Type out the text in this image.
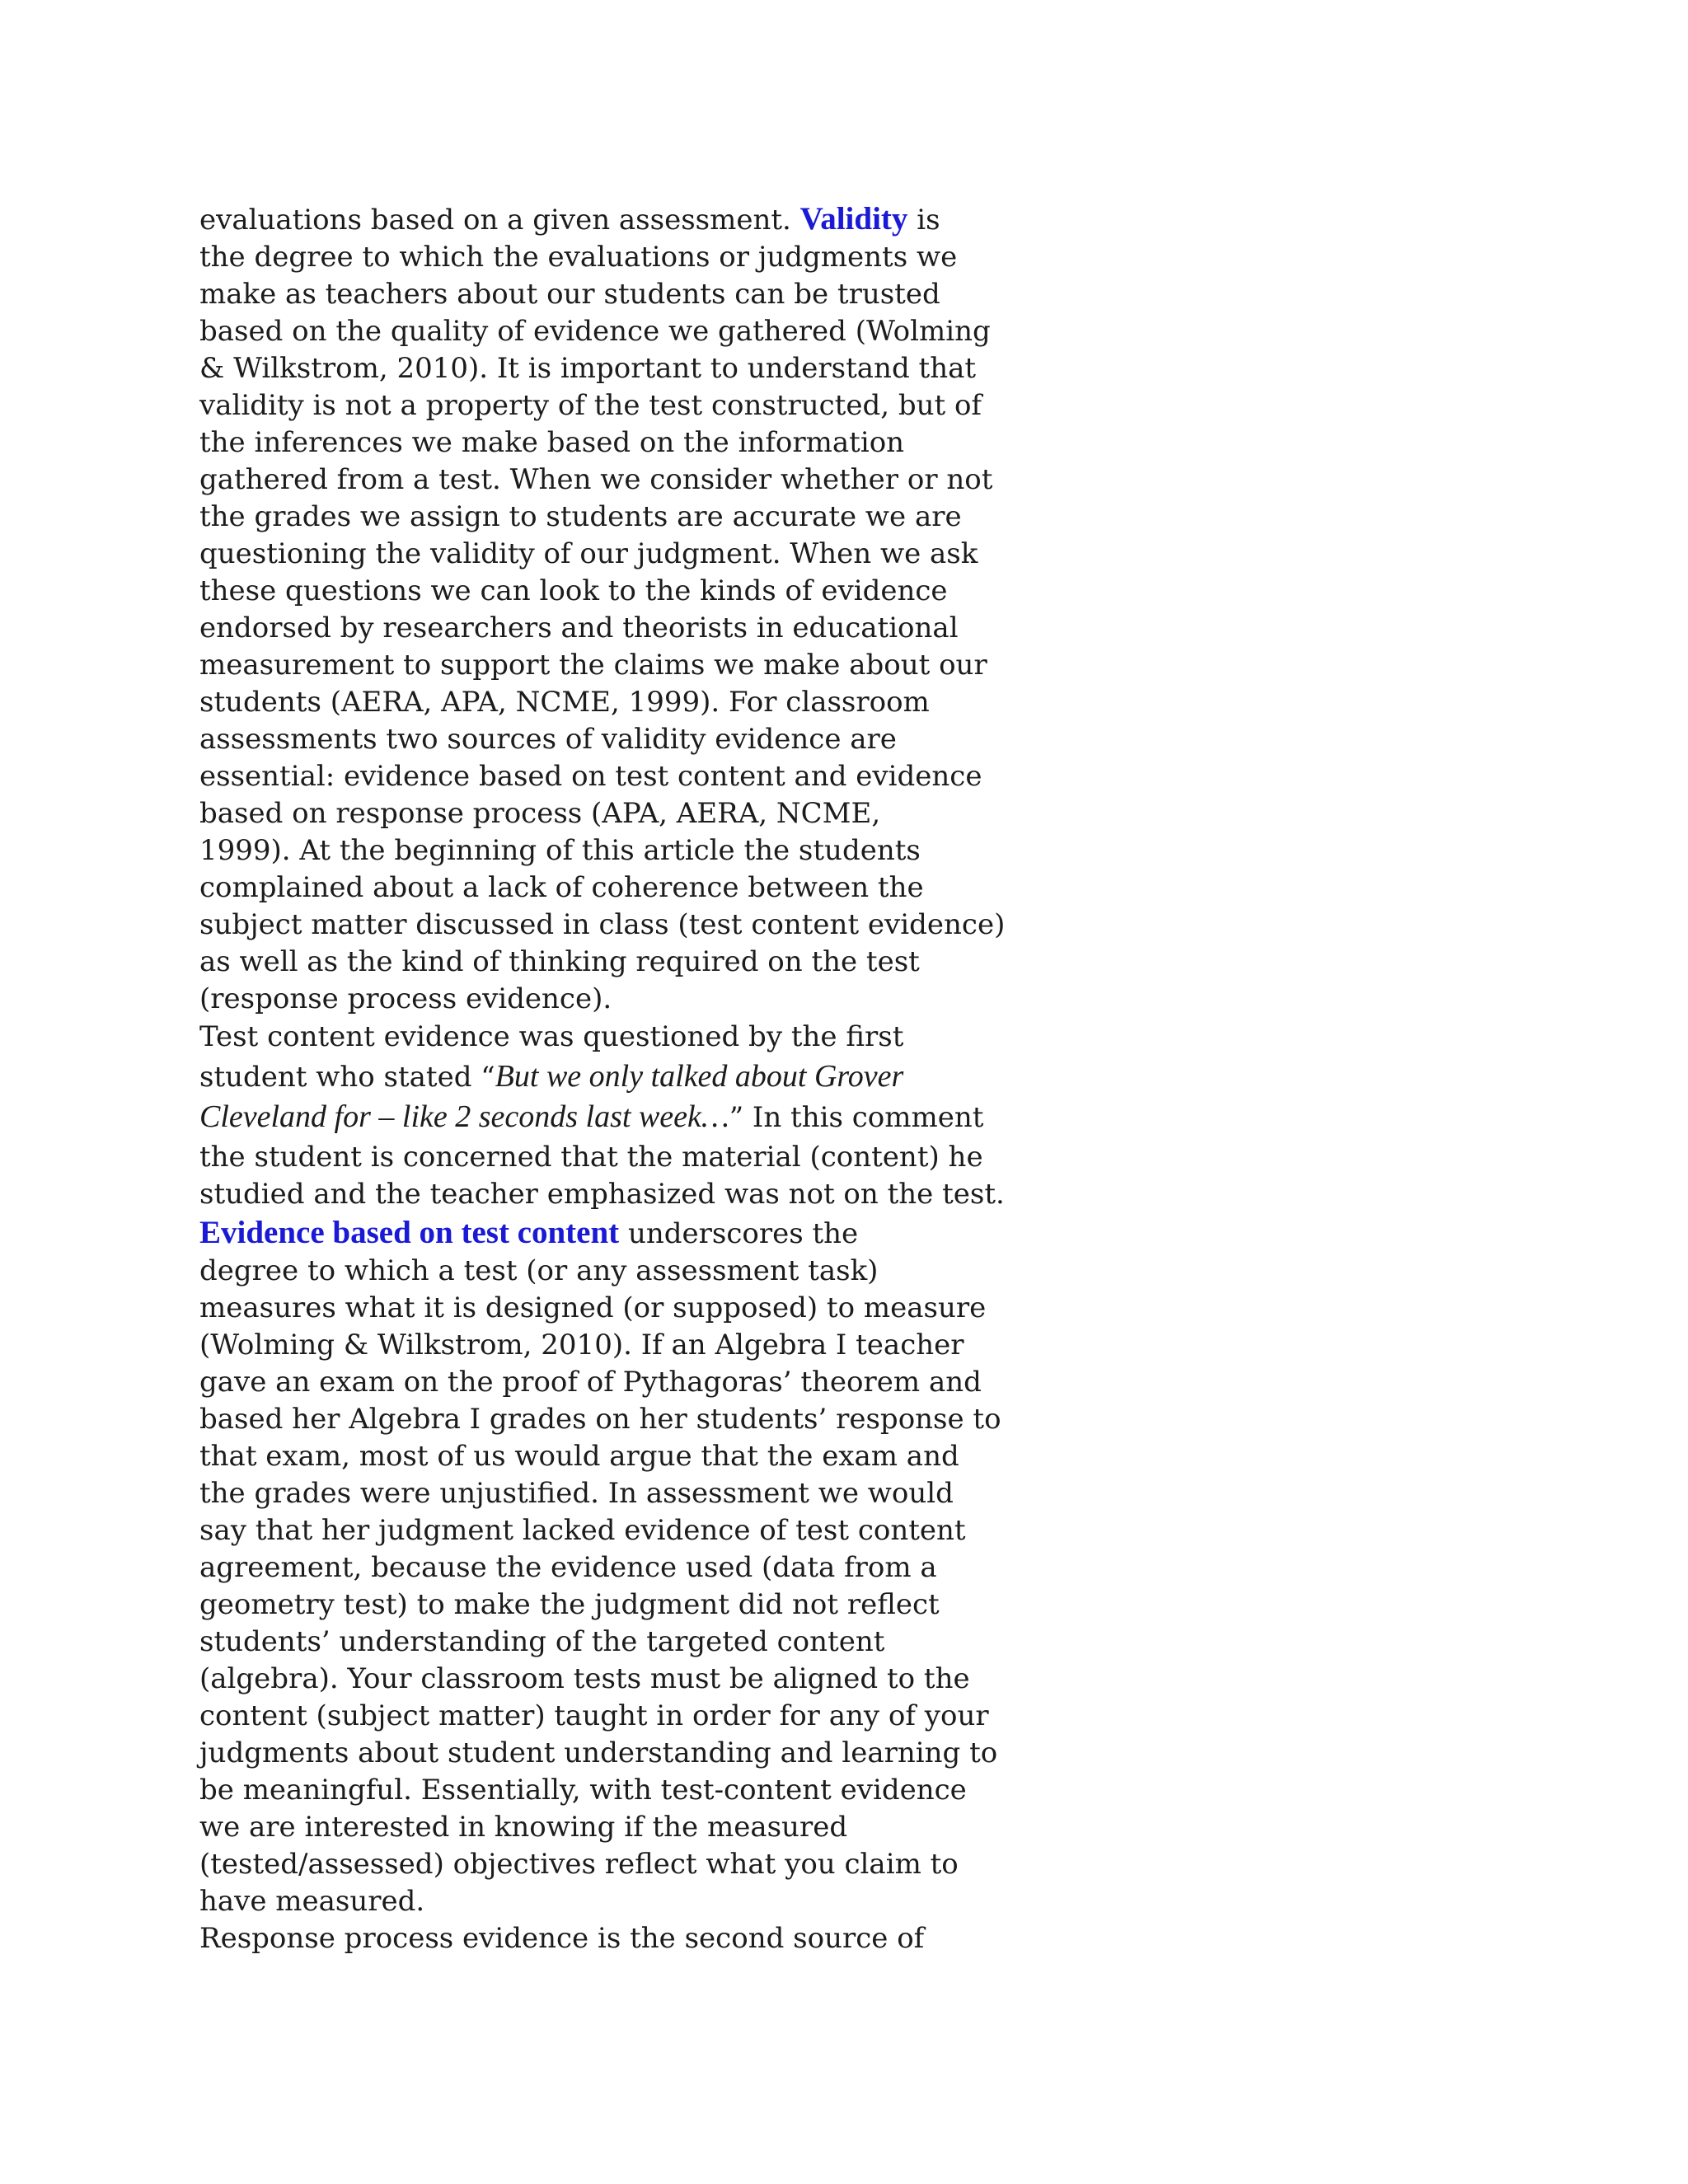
evaluations based on a given assessment. Validity is

the degree to which the evaluations or judgments we

make as teachers about our students can be trusted

based on the quality of evidence we gathered (Wolming

& Wilkstrom, 2010). It is important to understand that

validity is not a property of the test constructed, but of

the inferences we make based on the information

gathered from a test. When we consider whether or not

the grades we assign to students are accurate we are

questioning the validity of our judgment. When we ask

these questions we can look to the kinds of evidence

endorsed by researchers and theorists in educational

measurement to support the claims we make about our

students (AERA, APA, NCME, 1999). For classroom

assessments two sources of validity evidence are

essential: evidence based on test content and evidence

based on response process (APA, AERA, NCME,

1999). At the beginning of this article the students

complained about a lack of coherence between the

subject matter discussed in class (test content evidence)

as well as the kind of thinking required on the test

(response process evidence).

Test content evidence was questioned by the first

student who stated “But we only talked about Grover

Cleveland for – like 2 seconds last week…” In this comment

the student is concerned that the material (content) he

studied and the teacher emphasized was not on the test.

Evidence based on test content underscores the

degree to which a test (or any assessment task)

measures what it is designed (or supposed) to measure

(Wolming & Wilkstrom, 2010). If an Algebra I teacher

gave an exam on the proof of Pythagoras’ theorem and

based her Algebra I grades on her students’ response to

that exam, most of us would argue that the exam and

the grades were unjustified. In assessment we would

say that her judgment lacked evidence of test content

agreement, because the evidence used (data from a

geometry test) to make the judgment did not reflect

students’ understanding of the targeted content

(algebra). Your classroom tests must be aligned to the

content (subject matter) taught in order for any of your

judgments about student understanding and learning to

be meaningful. Essentially, with test-content evidence

we are interested in knowing if the measured

(tested/assessed) objectives reflect what you claim to

have measured.

Response process evidence is the second source of
